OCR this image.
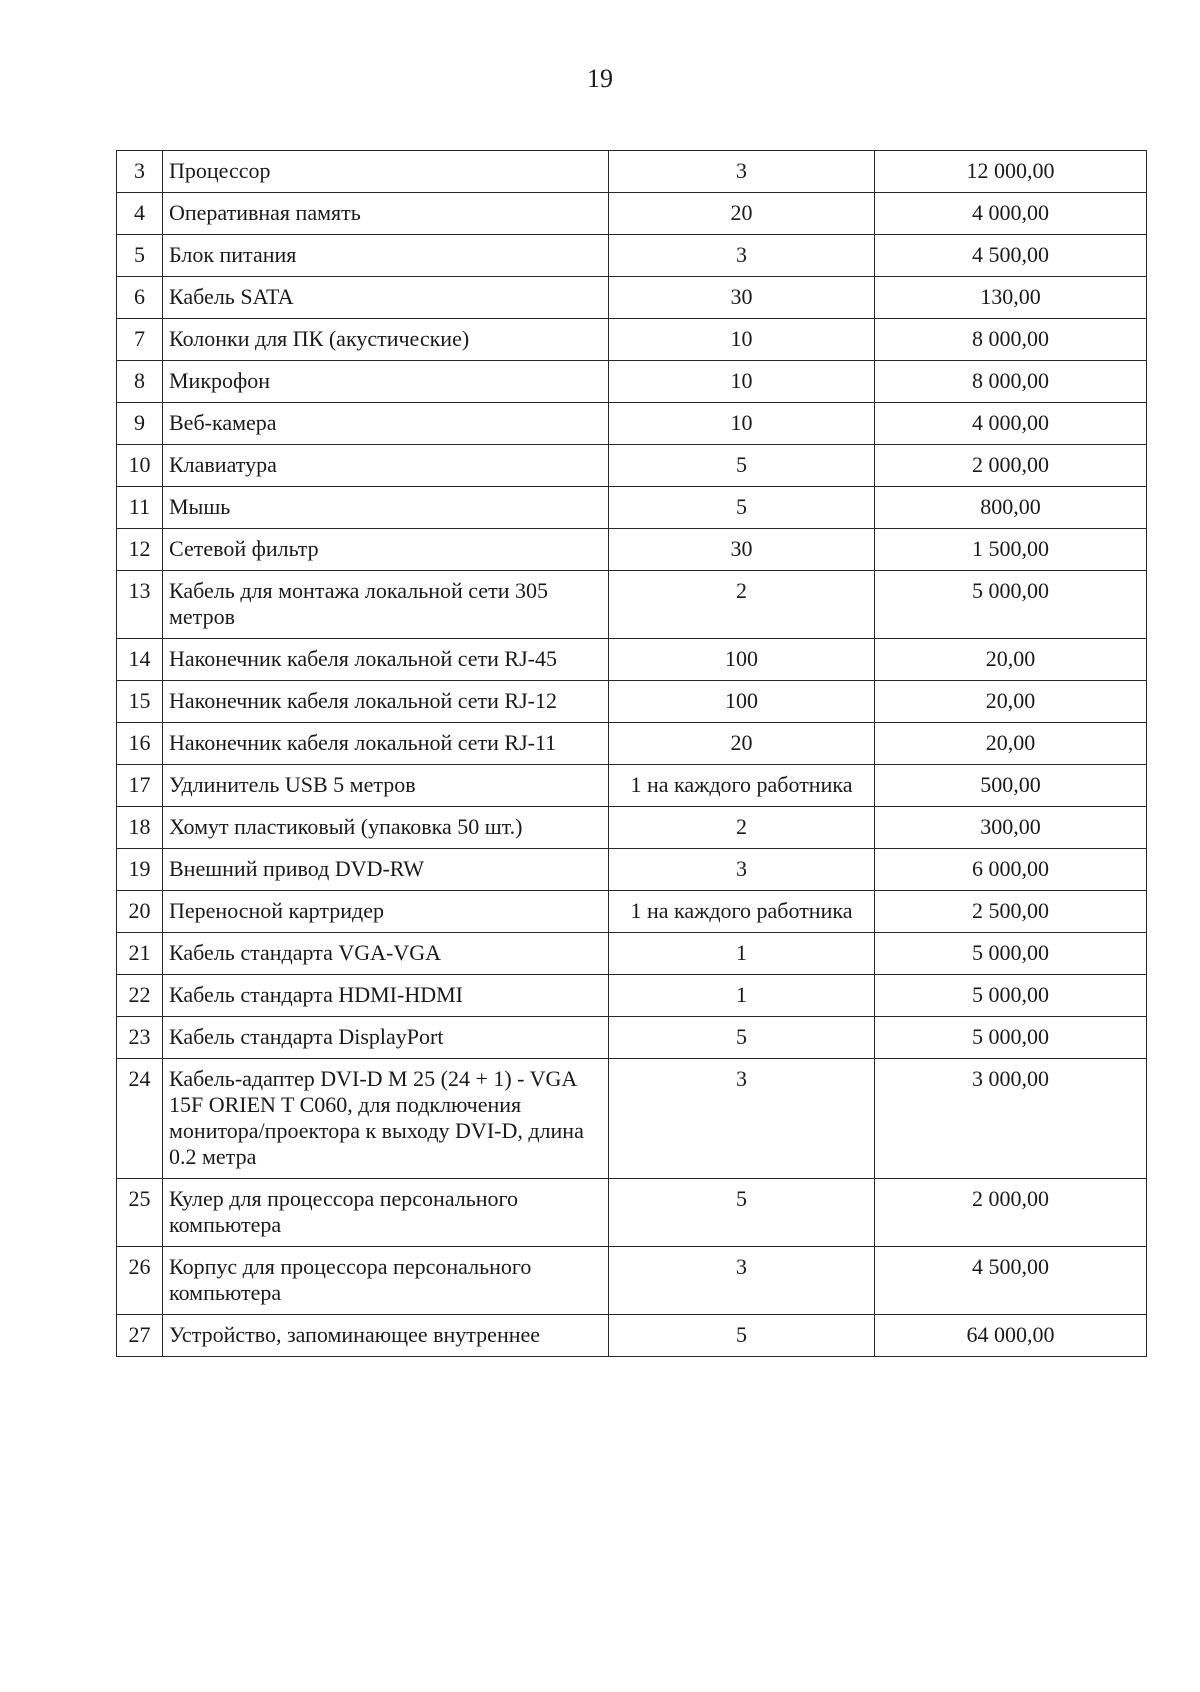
19
3	Процессор	3	12 000,00
4	Оперативная память	20	4 000,00
5	Блок питания	3	4 500,00
6	Кабель SATA	30	130,00
7	Колонки для ПК (акустические)	10	8 000,00
8	Микрофон	10	8 000,00
9	Веб-камера	10	4 000,00
10	Клавиатура	5	2 000,00
11	Мышь	5	800,00
12	Сетевой фильтр	30	1 500,00
13	Кабель для монтажа локальной сети 305 метров	2	5 000,00
14	Наконечник кабеля локальной сети RJ-45	100	20,00
15	Наконечник кабеля локальной сети RJ-12	100	20,00
16	Наконечник кабеля локальной сети RJ-11	20	20,00
17	Удлинитель USB 5 метров	1 на каждого работника	500,00
18	Хомут пластиковый (упаковка 50 шт.)	2	300,00
19	Внешний привод DVD-RW	3	6 000,00
20	Переносной картридер	1 на каждого работника	2 500,00
21	Кабель стандарта VGA-VGA	1	5 000,00
22	Кабель стандарта HDMI-HDMI	1	5 000,00
23	Кабель стандарта DisplayPort	5	5 000,00
24	Кабель-адаптер DVI-D M 25 (24 + 1) - VGA 15F ORIEN T C060, для подключения монитора/проектора к выходу DVI-D, длина 0.2 метра	3	3 000,00
25	Кулер для процессора персонального компьютера	5	2 000,00
26	Корпус для процессора персонального компьютера	3	4 500,00
27	Устройство, запоминающее внутреннее	5	64 000,00
